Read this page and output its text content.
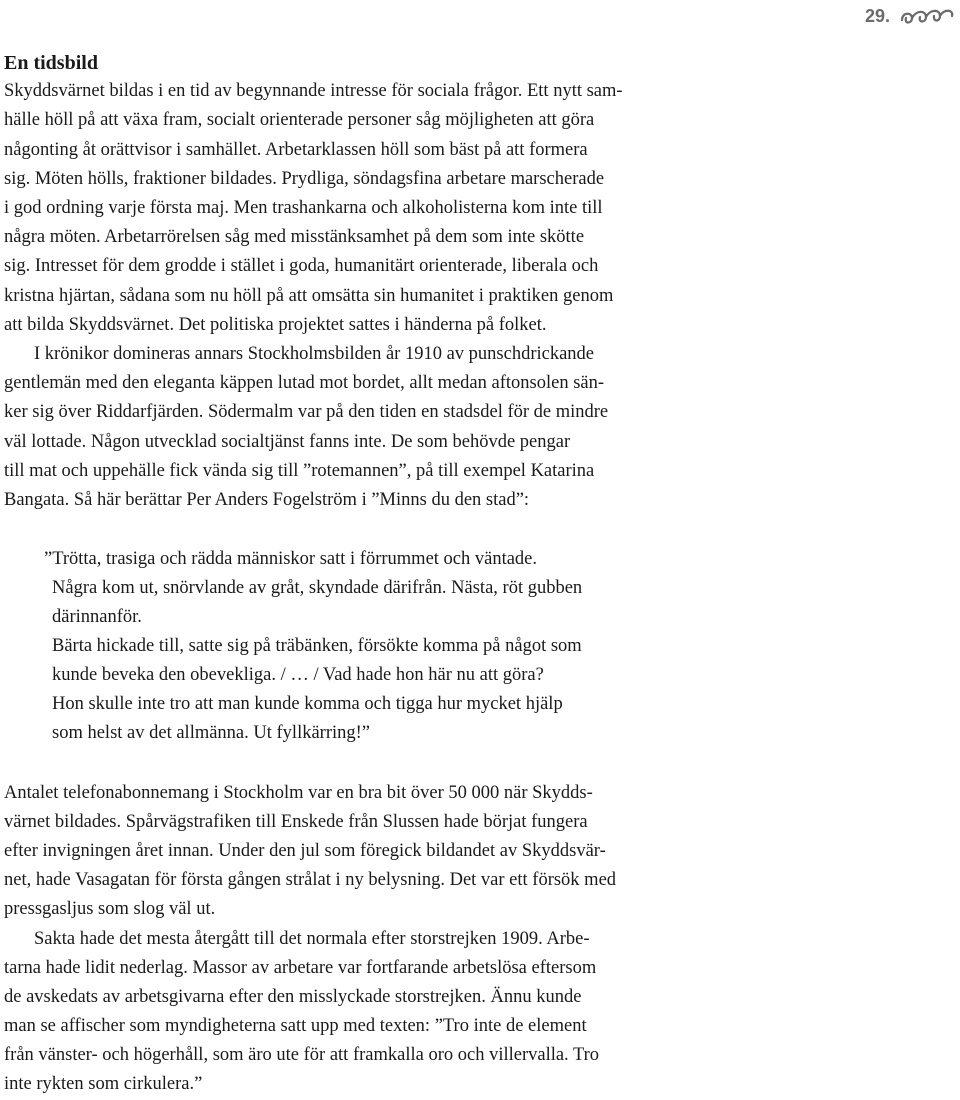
29.
En tidsbild

Skyddsvärnet bildas i en tid av begynnande intresse för sociala frågor. Ett nytt sam-

hälle höll på att växa fram, socialt orienterade personer såg möjligheten att göra

någonting åt orättvisor i samhället. Arbetarklassen höll som bäst på att formera

sig. Möten hölls, fraktioner bildades. Prydliga, söndagsfina arbetare marscherade

i god ordning varje första maj. Men trashankarna och alkoholisterna kom inte till

några möten. Arbetarrörelsen såg med misstänksamhet på dem som inte skötte

sig. Intresset för dem grodde i stället i goda, humanitärt orienterade, liberala och

kristna hjärtan, sådana som nu höll på att omsätta sin humanitet i praktiken genom

att bilda Skyddsvärnet. Det politiska projektet sattes i händerna på folket.

I krönikor domineras annars Stockholmsbilden år 1910 av punschdrickande

gentlemän med den eleganta käppen lutad mot bordet, allt medan aftonsolen sän-

ker sig över Riddarfjärden. Södermalm var på den tiden en stadsdel för de mindre

väl lottade. Någon utvecklad socialtjänst fanns inte. De som behövde pengar

till mat och uppehälle fick vända sig till ”rotemannen”, på till exempel Katarina

Bangata. Så här berättar Per Anders Fogelström i ”Minns du den stad”:

”Trötta, trasiga och rädda människor satt i förrummet och väntade.

Några kom ut, snörvlande av gråt, skyndade därifrån. Nästa, röt gubben

därinnanför.

Bärta hickade till, satte sig på träbänken, försökte komma på något som

kunde beveka den obevekliga. / … / Vad hade hon här nu att göra?

Hon skulle inte tro att man kunde komma och tigga hur mycket hjälp

som helst av det allmänna. Ut fyllkärring!”

Antalet telefonabonnemang i Stockholm var en bra bit över 50 000 när Skydds-

värnet bildades. Spårvägstrafiken till Enskede från Slussen hade börjat fungera

efter invigningen året innan. Under den jul som föregick bildandet av Skyddsvär-

net, hade Vasagatan för första gången strålat i ny belysning. Det var ett försök med

pressgasljus som slog väl ut.

Sakta hade det mesta återgått till det normala efter storstrejken 1909. Arbe-

tarna hade lidit nederlag. Massor av arbetare var fortfarande arbetslösa eftersom

de avskedats av arbetsgivarna efter den misslyckade storstrejken. Ännu kunde

man se affischer som myndigheterna satt upp med texten: ”Tro inte de element

från vänster- och högerhåll, som äro ute för att framkalla oro och villervalla. Tro

inte rykten som cirkulera.”
